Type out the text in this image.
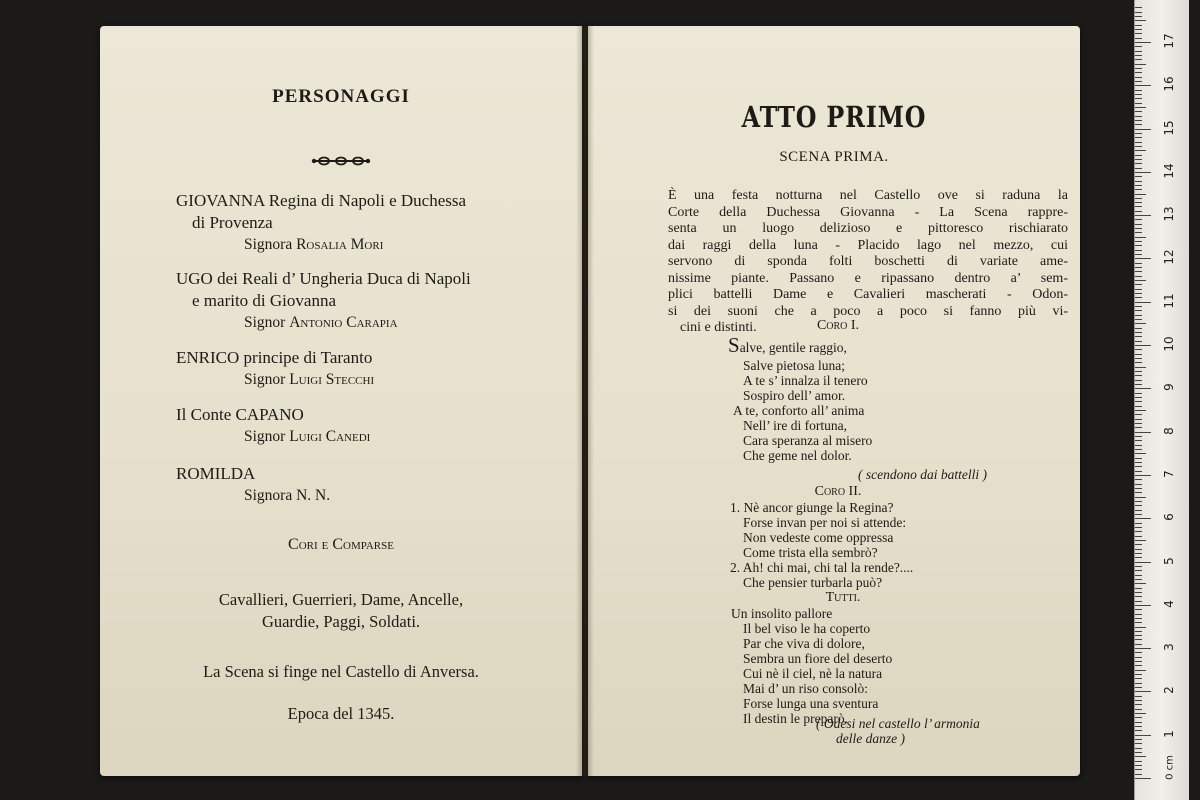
PERSONAGGI
GIOVANNA Regina di Napoli e Duchessa
di Provenza
Signora Rosalia Mori
UGO dei Reali d’ Ungheria Duca di Napoli
e marito di Giovanna
Signor Antonio Carapia
ENRICO principe di Taranto
Signor Luigi Stecchi
Il Conte CAPANO
Signor Luigi Canedi
ROMILDA
Signora N. N.
Cori e Comparse
Cavallieri, Guerrieri, Dame, Ancelle,
Guardie, Paggi, Soldati.
La Scena si finge nel Castello di Anversa.
Epoca del 1345.
ATTO PRIMO
SCENA PRIMA.
È una festa notturna nel Castello ove si raduna la
Corte della Duchessa Giovanna - La Scena rappre-
senta un luogo delizioso e pittoresco rischiarato
dai raggi della luna - Placido lago nel mezzo, cui
servono di sponda folti boschetti di variate ame-
nissime piante. Passano e ripassano dentro a’ sem-
plici battelli Dame e Cavalieri mascherati - Odon-
si dei suoni che a poco a poco si fanno più vi-
cini e distinti.	Coro I.
Salve, gentile raggio,
Salve pietosa luna;
A te s’ innalza il tenero
Sospiro dell’ amor.
A te, conforto all’ anima
Nell’ ire di fortuna,
Cara speranza al misero
Che geme nel dolor.
( scendono dai battelli )
Coro II.
1. Nè ancor giunge la Regina?
Forse invan per noi si attende:
Non vedeste come oppressa
Come trista ella sembrò?
2. Ah! chi mai, chi tal la rende?....
Che pensier turbarla può?
Tutti.
Un insolito pallore
Il bel viso le ha coperto
Par che viva di dolore,
Sembra un fiore del deserto
Cui nè il ciel, nè la natura
Mai d’ un riso consolò:
Forse lunga una sventura
Il destin le preparò.
( Odesi nel castello l’ armonia
delle danze )
0 cm
1
2
3
4
5
6
7
8
9
10
11
12
13
14
15
16
17
